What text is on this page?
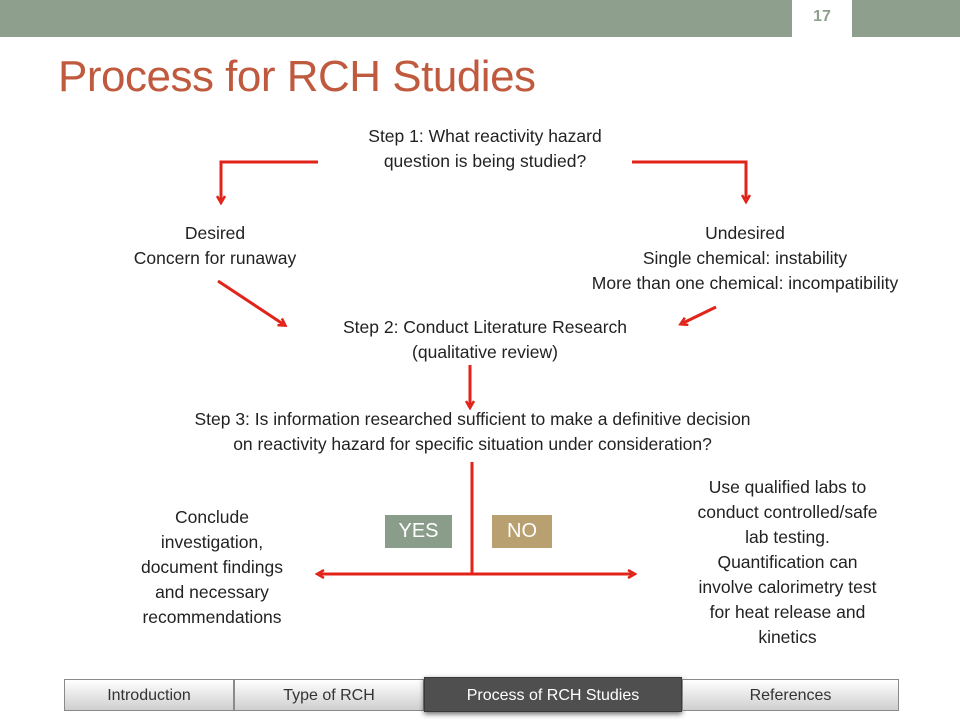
17
Process for RCH Studies
Step 1: What reactivity hazard
question is being studied?
Desired
Concern for runaway
Undesired
Single chemical: instability
More than one chemical: incompatibility
Step 2: Conduct Literature Research
(qualitative review)
Step 3: Is information researched sufficient to make a definitive decision
on reactivity hazard for specific situation under consideration?
YES	NO
Conclude
investigation,
document findings
and necessary
recommendations
Use qualified labs to
conduct controlled/safe
lab testing.
Quantification can
involve calorimetry test
for heat release and
kinetics
Introduction	Type of RCH	Process of RCH Studies	References
